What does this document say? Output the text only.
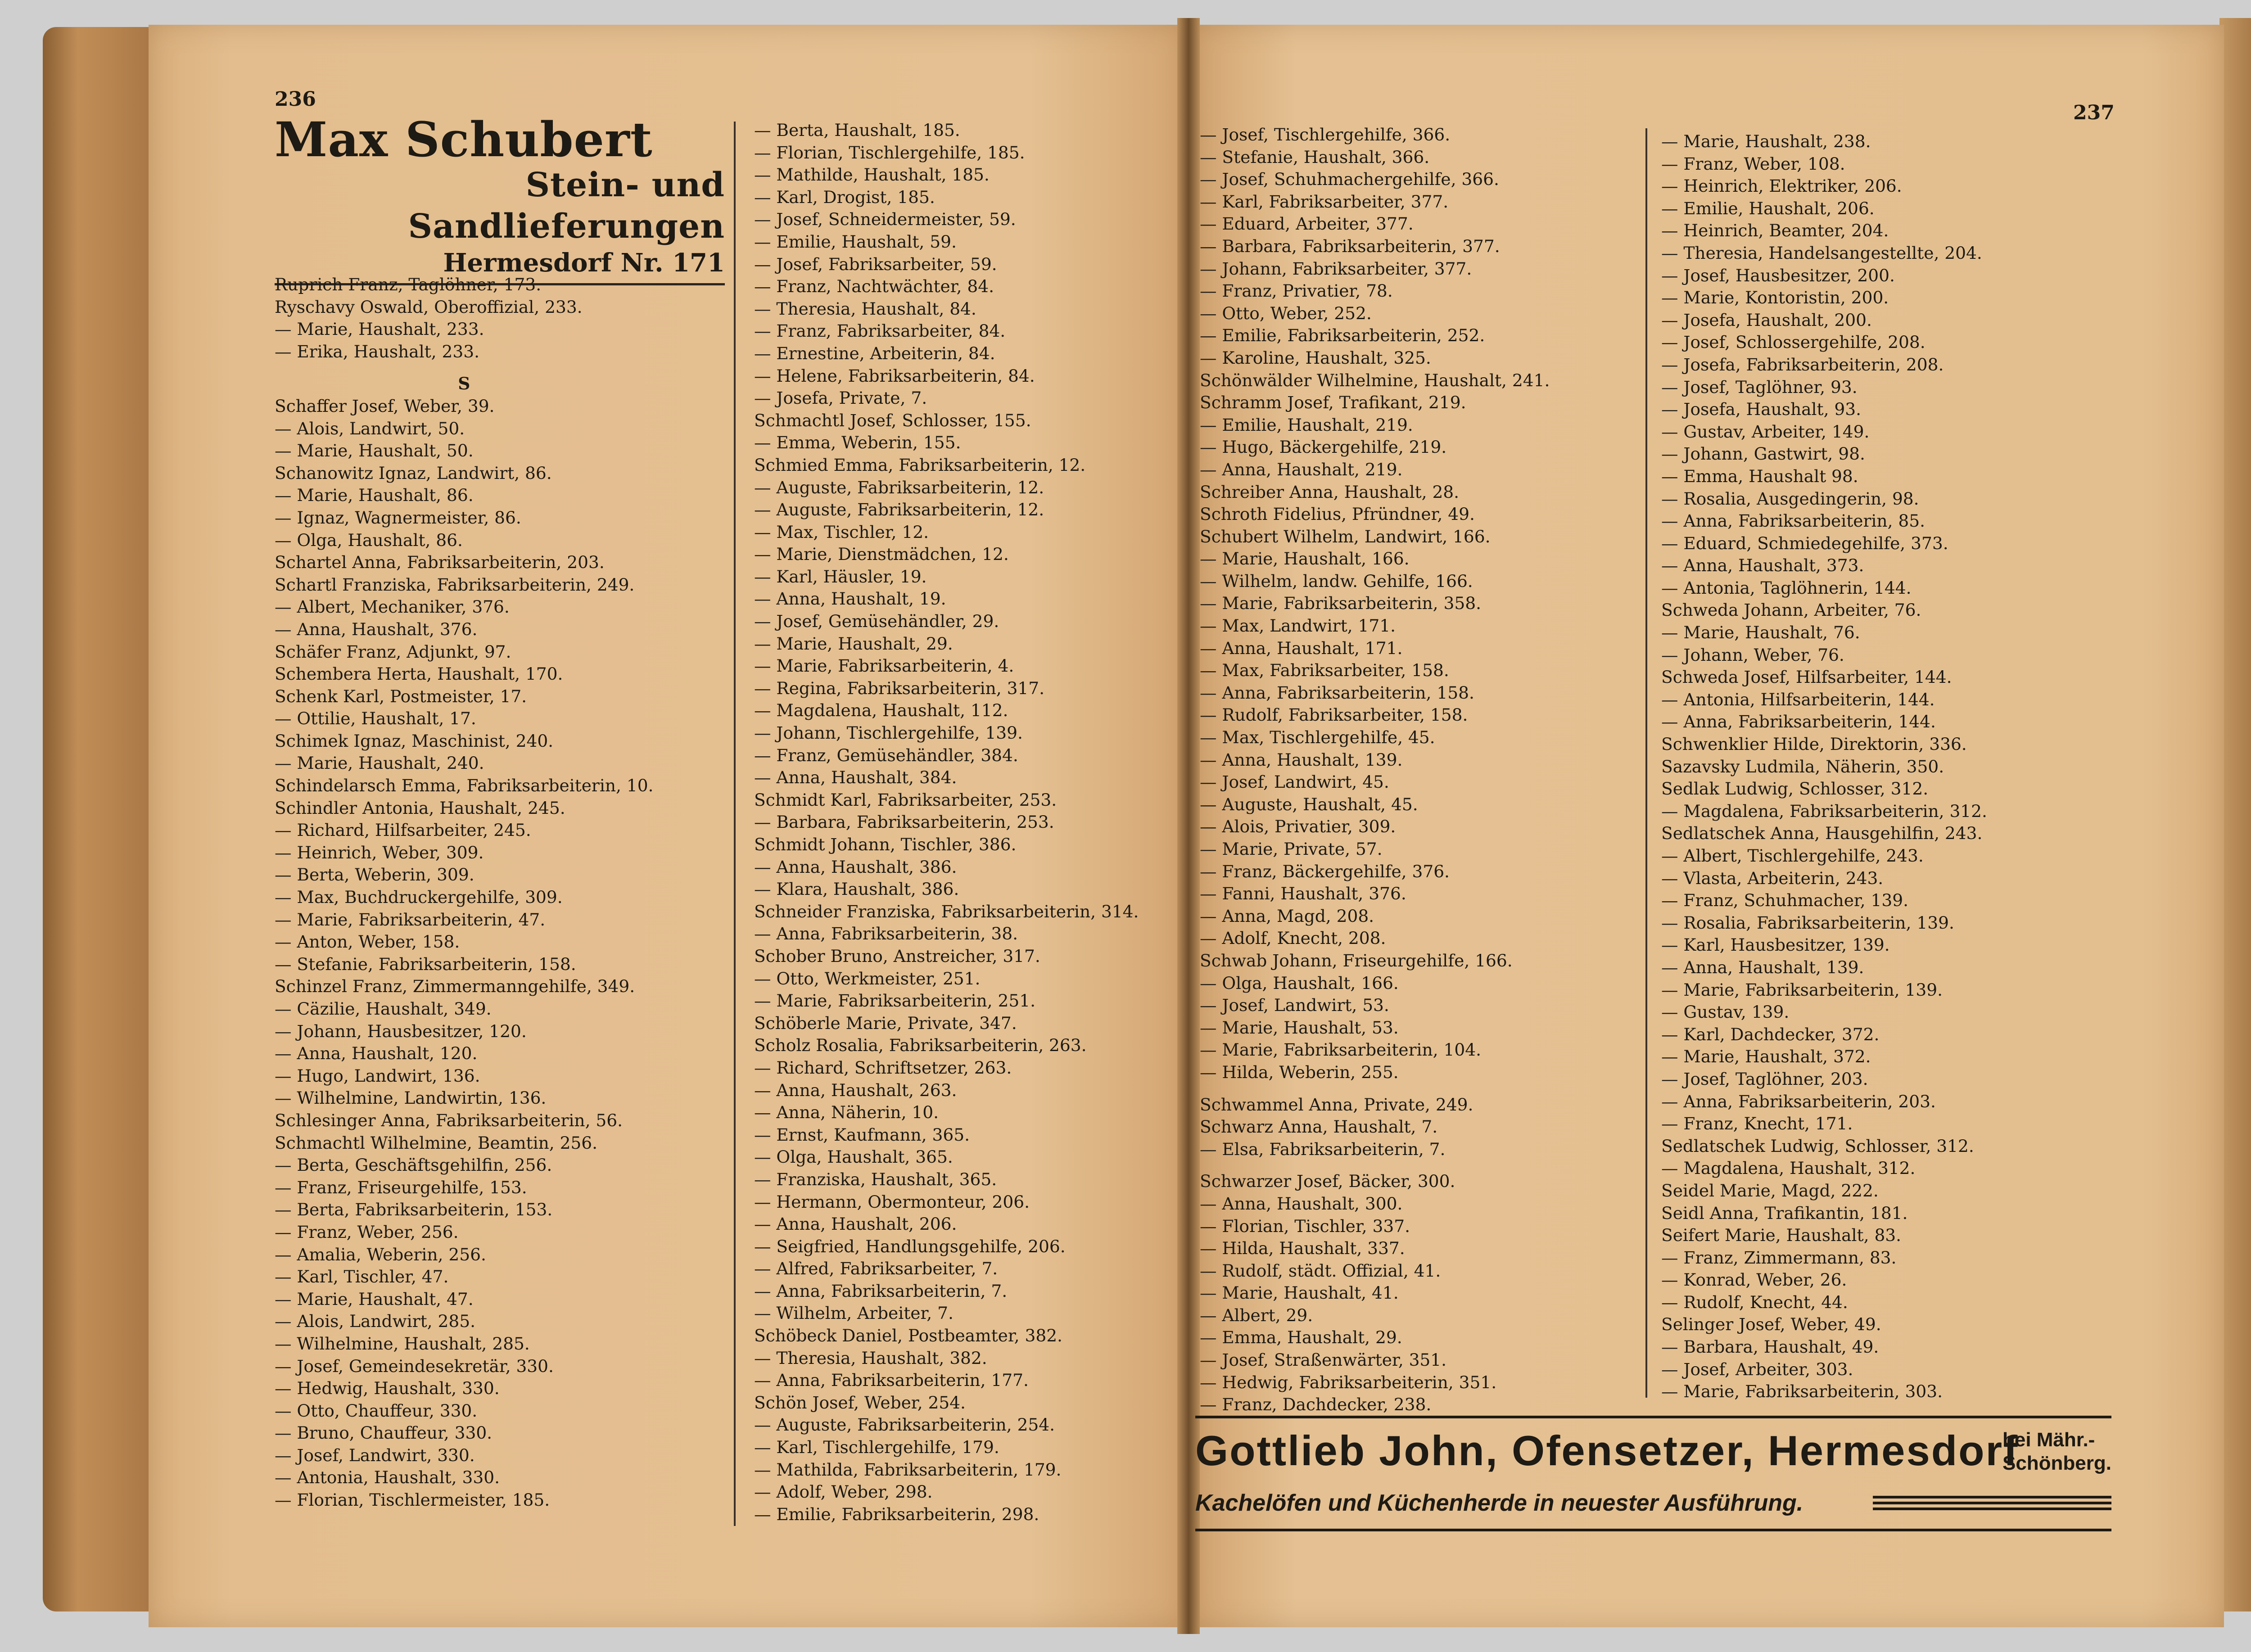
236
237
Max Schubert
Stein- und Sandlieferungen
Hermesdorf Nr. 171
Ruprich Franz, Taglöhner, 173.
Ryschavy Oswald, Oberoffizial, 233.
— Marie, Haushalt, 233.
— Erika, Haushalt, 233.
S
Schaffer Josef, Weber, 39.
— Alois, Landwirt, 50.
— Marie, Haushalt, 50.
Schanowitz Ignaz, Landwirt, 86.
— Marie, Haushalt, 86.
— Ignaz, Wagnermeister, 86.
— Olga, Haushalt, 86.
Schartel Anna, Fabriksarbeiterin, 203.
Schartl Franziska, Fabriksarbeiterin, 249.
— Albert, Mechaniker, 376.
— Anna, Haushalt, 376.
Schäfer Franz, Adjunkt, 97.
Schembera Herta, Haushalt, 170.
Schenk Karl, Postmeister, 17.
— Ottilie, Haushalt, 17.
Schimek Ignaz, Maschinist, 240.
— Marie, Haushalt, 240.
Schindelarsch Emma, Fabriksarbeiterin, 10.
Schindler Antonia, Haushalt, 245.
— Richard, Hilfsarbeiter, 245.
— Heinrich, Weber, 309.
— Berta, Weberin, 309.
— Max, Buchdruckergehilfe, 309.
— Marie, Fabriksarbeiterin, 47.
— Anton, Weber, 158.
— Stefanie, Fabriksarbeiterin, 158.
Schinzel Franz, Zimmermanngehilfe, 349.
— Cäzilie, Haushalt, 349.
— Johann, Hausbesitzer, 120.
— Anna, Haushalt, 120.
— Hugo, Landwirt, 136.
— Wilhelmine, Landwirtin, 136.
Schlesinger Anna, Fabriksarbeiterin, 56.
Schmachtl Wilhelmine, Beamtin, 256.
— Berta, Geschäftsgehilfin, 256.
— Franz, Friseurgehilfe, 153.
— Berta, Fabriksarbeiterin, 153.
— Franz, Weber, 256.
— Amalia, Weberin, 256.
— Karl, Tischler, 47.
— Marie, Haushalt, 47.
— Alois, Landwirt, 285.
— Wilhelmine, Haushalt, 285.
— Josef, Gemeindesekretär, 330.
— Hedwig, Haushalt, 330.
— Otto, Chauffeur, 330.
— Bruno, Chauffeur, 330.
— Josef, Landwirt, 330.
— Antonia, Haushalt, 330.
— Florian, Tischlermeister, 185.
— Berta, Haushalt, 185.
— Florian, Tischlergehilfe, 185.
— Mathilde, Haushalt, 185.
— Karl, Drogist, 185.
— Josef, Schneidermeister, 59.
— Emilie, Haushalt, 59.
— Josef, Fabriksarbeiter, 59.
— Franz, Nachtwächter, 84.
— Theresia, Haushalt, 84.
— Franz, Fabriksarbeiter, 84.
— Ernestine, Arbeiterin, 84.
— Helene, Fabriksarbeiterin, 84.
— Josefa, Private, 7.
Schmachtl Josef, Schlosser, 155.
— Emma, Weberin, 155.
Schmied Emma, Fabriksarbeiterin, 12.
— Auguste, Fabriksarbeiterin, 12.
— Auguste, Fabriksarbeiterin, 12.
— Max, Tischler, 12.
— Marie, Dienstmädchen, 12.
— Karl, Häusler, 19.
— Anna, Haushalt, 19.
— Josef, Gemüsehändler, 29.
— Marie, Haushalt, 29.
— Marie, Fabriksarbeiterin, 4.
— Regina, Fabriksarbeiterin, 317.
— Magdalena, Haushalt, 112.
— Johann, Tischlergehilfe, 139.
— Franz, Gemüsehändler, 384.
— Anna, Haushalt, 384.
Schmidt Karl, Fabriksarbeiter, 253.
— Barbara, Fabriksarbeiterin, 253.
Schmidt Johann, Tischler, 386.
— Anna, Haushalt, 386.
— Klara, Haushalt, 386.
Schneider Franziska, Fabriksarbeiterin, 314.
— Anna, Fabriksarbeiterin, 38.
Schober Bruno, Anstreicher, 317.
— Otto, Werkmeister, 251.
— Marie, Fabriksarbeiterin, 251.
Schöberle Marie, Private, 347.
Scholz Rosalia, Fabriksarbeiterin, 263.
— Richard, Schriftsetzer, 263.
— Anna, Haushalt, 263.
— Anna, Näherin, 10.
— Ernst, Kaufmann, 365.
— Olga, Haushalt, 365.
— Franziska, Haushalt, 365.
— Hermann, Obermonteur, 206.
— Anna, Haushalt, 206.
— Seigfried, Handlungsgehilfe, 206.
— Alfred, Fabriksarbeiter, 7.
— Anna, Fabriksarbeiterin, 7.
— Wilhelm, Arbeiter, 7.
Schöbeck Daniel, Postbeamter, 382.
— Theresia, Haushalt, 382.
— Anna, Fabriksarbeiterin, 177.
Schön Josef, Weber, 254.
— Auguste, Fabriksarbeiterin, 254.
— Karl, Tischlergehilfe, 179.
— Mathilda, Fabriksarbeiterin, 179.
— Adolf, Weber, 298.
— Emilie, Fabriksarbeiterin, 298.
— Josef, Tischlergehilfe, 366.
— Stefanie, Haushalt, 366.
— Josef, Schuhmachergehilfe, 366.
— Karl, Fabriksarbeiter, 377.
— Eduard, Arbeiter, 377.
— Barbara, Fabriksarbeiterin, 377.
— Johann, Fabriksarbeiter, 377.
— Franz, Privatier, 78.
— Otto, Weber, 252.
— Emilie, Fabriksarbeiterin, 252.
— Karoline, Haushalt, 325.
Schönwälder Wilhelmine, Haushalt, 241.
Schramm Josef, Trafikant, 219.
— Emilie, Haushalt, 219.
— Hugo, Bäckergehilfe, 219.
— Anna, Haushalt, 219.
Schreiber Anna, Haushalt, 28.
Schroth Fidelius, Pfründner, 49.
Schubert Wilhelm, Landwirt, 166.
— Marie, Haushalt, 166.
— Wilhelm, landw. Gehilfe, 166.
— Marie, Fabriksarbeiterin, 358.
— Max, Landwirt, 171.
— Anna, Haushalt, 171.
— Max, Fabriksarbeiter, 158.
— Anna, Fabriksarbeiterin, 158.
— Rudolf, Fabriksarbeiter, 158.
— Max, Tischlergehilfe, 45.
— Anna, Haushalt, 139.
— Josef, Landwirt, 45.
— Auguste, Haushalt, 45.
— Alois, Privatier, 309.
— Marie, Private, 57.
— Franz, Bäckergehilfe, 376.
— Fanni, Haushalt, 376.
— Anna, Magd, 208.
— Adolf, Knecht, 208.
Schwab Johann, Friseurgehilfe, 166.
— Olga, Haushalt, 166.
— Josef, Landwirt, 53.
— Marie, Haushalt, 53.
— Marie, Fabriksarbeiterin, 104.
— Hilda, Weberin, 255.
Schwammel Anna, Private, 249.
Schwarz Anna, Haushalt, 7.
— Elsa, Fabriksarbeiterin, 7.
Schwarzer Josef, Bäcker, 300.
— Anna, Haushalt, 300.
— Florian, Tischler, 337.
— Hilda, Haushalt, 337.
— Rudolf, städt. Offizial, 41.
— Marie, Haushalt, 41.
— Albert, 29.
— Emma, Haushalt, 29.
— Josef, Straßenwärter, 351.
— Hedwig, Fabriksarbeiterin, 351.
— Franz, Dachdecker, 238.
— Marie, Haushalt, 238.
— Franz, Weber, 108.
— Heinrich, Elektriker, 206.
— Emilie, Haushalt, 206.
— Heinrich, Beamter, 204.
— Theresia, Handelsangestellte, 204.
— Josef, Hausbesitzer, 200.
— Marie, Kontoristin, 200.
— Josefa, Haushalt, 200.
— Josef, Schlossergehilfe, 208.
— Josefa, Fabriksarbeiterin, 208.
— Josef, Taglöhner, 93.
— Josefa, Haushalt, 93.
— Gustav, Arbeiter, 149.
— Johann, Gastwirt, 98.
— Emma, Haushalt 98.
— Rosalia, Ausgedingerin, 98.
— Anna, Fabriksarbeiterin, 85.
— Eduard, Schmiedegehilfe, 373.
— Anna, Haushalt, 373.
— Antonia, Taglöhnerin, 144.
Schweda Johann, Arbeiter, 76.
— Marie, Haushalt, 76.
— Johann, Weber, 76.
Schweda Josef, Hilfsarbeiter, 144.
— Antonia, Hilfsarbeiterin, 144.
— Anna, Fabriksarbeiterin, 144.
Schwenklier Hilde, Direktorin, 336.
Sazavsky Ludmila, Näherin, 350.
Sedlak Ludwig, Schlosser, 312.
— Magdalena, Fabriksarbeiterin, 312.
Sedlatschek Anna, Hausgehilfin, 243.
— Albert, Tischlergehilfe, 243.
— Vlasta, Arbeiterin, 243.
— Franz, Schuhmacher, 139.
— Rosalia, Fabriksarbeiterin, 139.
— Karl, Hausbesitzer, 139.
— Anna, Haushalt, 139.
— Marie, Fabriksarbeiterin, 139.
— Gustav, 139.
— Karl, Dachdecker, 372.
— Marie, Haushalt, 372.
— Josef, Taglöhner, 203.
— Anna, Fabriksarbeiterin, 203.
— Franz, Knecht, 171.
Sedlatschek Ludwig, Schlosser, 312.
— Magdalena, Haushalt, 312.
Seidel Marie, Magd, 222.
Seidl Anna, Trafikantin, 181.
Seifert Marie, Haushalt, 83.
— Franz, Zimmermann, 83.
— Konrad, Weber, 26.
— Rudolf, Knecht, 44.
Selinger Josef, Weber, 49.
— Barbara, Haushalt, 49.
— Josef, Arbeiter, 303.
— Marie, Fabriksarbeiterin, 303.
Gottlieb John, Ofensetzer, Hermesdorf
bei Mähr.-
Schönberg.
Kachelöfen und Küchenherde in neuester Ausführung.
